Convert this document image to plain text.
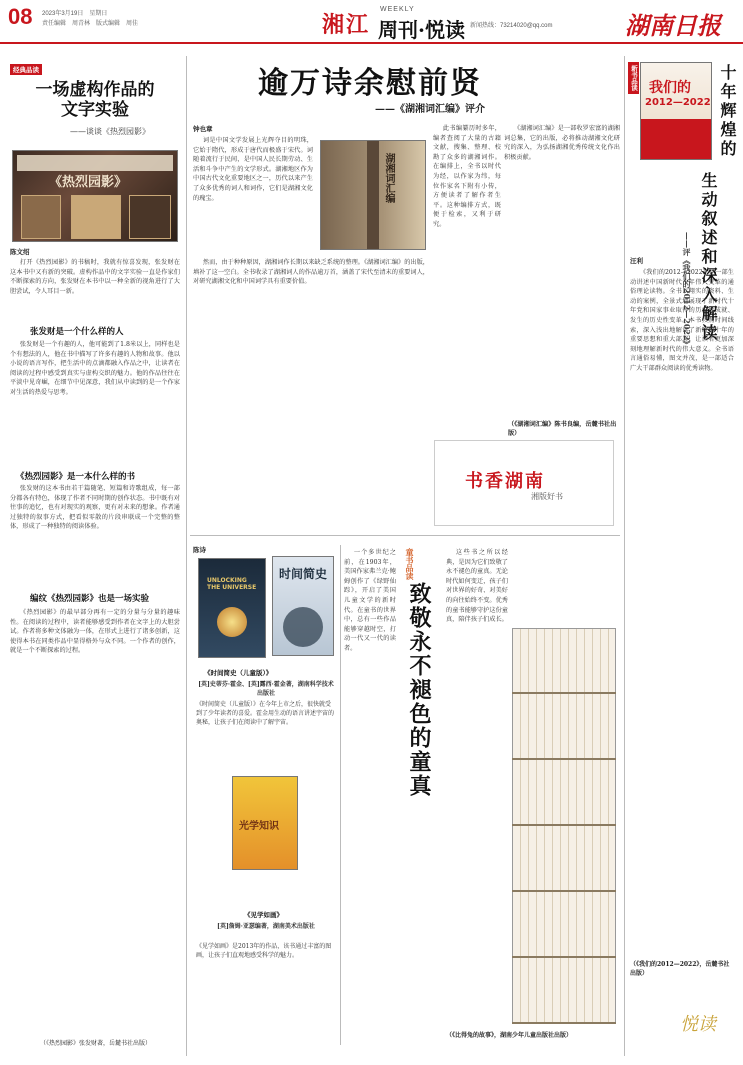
08 2023年3月19日　星期日
责任编辑　周青林　版式编辑　周佳	湘江
WEEKLY
周刊·悦读 新闻热线：73214020@qq.com	湖南日报
经典品读
一场虚构作品的
文字实验
——谈谈《热烈园影》
《热烈园影》
陈文绍

打开《热烈园影》的书稿时，我就有惊喜发现，张发财在这本书中又有新的突破。虚构作品中的文字实验一直是作家们不断探索的方向，张发财在本书中以一种全新的视角进行了大胆尝试，令人耳目一新。

张发财是一个什么样的人

张发财是一个有趣的人，他可能到了1.8米以上，同样也是个有想法的人，他在书中描写了许多有趣的人物和故事。他以小说的语言写作，把生活中的点滴都融入作品之中，让读者在阅读的过程中感受到真实与虚构交织的魅力。他的作品往往在平淡中见奇崛，在细节中见深意，我们从中读到的是一个作家对生活的热爱与思考。

《热烈园影》是一本什么样的书

张发财的这本书由若干篇随笔、短篇和诗歌组成，每一部分都各有特色，体现了作者不同时期的创作状态。书中既有对往事的追忆，也有对现实的观察，更有对未来的想象。作者通过独特的叙事方式，把看似零散的片段串联成一个完整的整体，形成了一种独特的阅读体验。

编纹《热烈园影》也是一场实验

《热烈园影》的最早部分再有一定的分量与分量的趣味性。在阅读的过程中，读者能够感受到作者在文字上的大胆尝试。作者将多种文体融为一体，在形式上进行了诸多创新，这使得本书在同类作品中显得格外与众不同。一个作者的创作，就是一个不断探索的过程。

（《热烈园影》张发财著，岳麓书社出版）
逾万诗余慰前贤
——《湖湘词汇编》评介
钟也章

词是中国文学发展上光辉夺目的明珠，它始于隋代，形成于唐代而极盛于宋代。词随着流行于民间，是中国人民长期劳动、生活和斗争中产生的文学形式。湖湘地区作为中国古代文化重要地区之一，历代以来产生了众多优秀的词人和词作，它们是湖湘文化的瑰宝。

然而，由于种种原因，湖湘词作长期以来缺乏系统的整理。《湖湘词汇编》的出版，填补了这一空白。全书收录了湖湘词人的作品逾万首，涵盖了宋代至清末的重要词人，对研究湖湘文化和中国词学具有重要价值。

湖湘词汇编

此书编纂历时多年，编者查阅了大量的古籍文献，搜集、整理、校勘了众多的湖湘词作。在编排上，全书以时代为经，以作家为纬，每位作家名下附有小传，方便读者了解作者生平。这种编排方式，既便于检索，又利于研究。

《湖湘词汇编》是一部收罗宏富的湖湘词总集，它的出版，必将推动湖湘文化研究的深入，为弘扬湖湘优秀传统文化作出积极贡献。

（《湖湘词汇编》陈书良编，岳麓书社出版）
书香湖南
湘版好书
陈诗
UNLOCKING
THE UNIVERSE
时间简史
《时间简史（儿童版）》
[英]史蒂芬·霍金、[英]露西·霍金著，湖南科学技术出版社
《时间简史（儿童版）》在今年上市之后，很快就受到了少年读者的喜爱。霍金用生动的语言讲述宇宙的奥秘，让孩子们在阅读中了解宇宙。
光学知识
《见学如画》
[英]詹姆·亚瑟编著，湖南美术出版社
《见学如画》是2013年的作品，该书通过丰富的图画，让孩子们直观地感受科学的魅力。

一个多世纪之前，在1903年，美国作家弗兰克·鲍姆创作了《绿野仙踪》，开启了美国儿童文学的新时代。在童书的世界中，总有一些作品能够穿越时空，打动一代又一代的读者。

童书品读
致敬永不褪色的童真

这些书之所以经典，是因为它们致敬了永不褪色的童真。无论时代如何变迁，孩子们对世界的好奇、对美好的向往始终不变。优秀的童书能够守护这份童真，陪伴孩子们成长。

（《比得兔的故事》，湖南少年儿童出版社出版）
新书品读 我们的
2012—2022 十年辉煌的
生动叙述和深入解读
——评《我们的2012—2022》
汪利

《我们的2012—2022》是一部生动讲述中国新时代十年伟大变革的通俗理论读物。全书以翔实的资料、生动的案例，全景式地展现了新时代十年党和国家事业取得的历史性成就、发生的历史性变革。本书按照时间线索，深入浅出地解读了新时代十年的重要思想和重大部署，让读者更加深刻地理解新时代的伟大意义。全书语言通俗易懂，图文并茂，是一部适合广大干部群众阅读的优秀读物。

（《我们的2012—2022》，岳麓书社出版）
悦读
